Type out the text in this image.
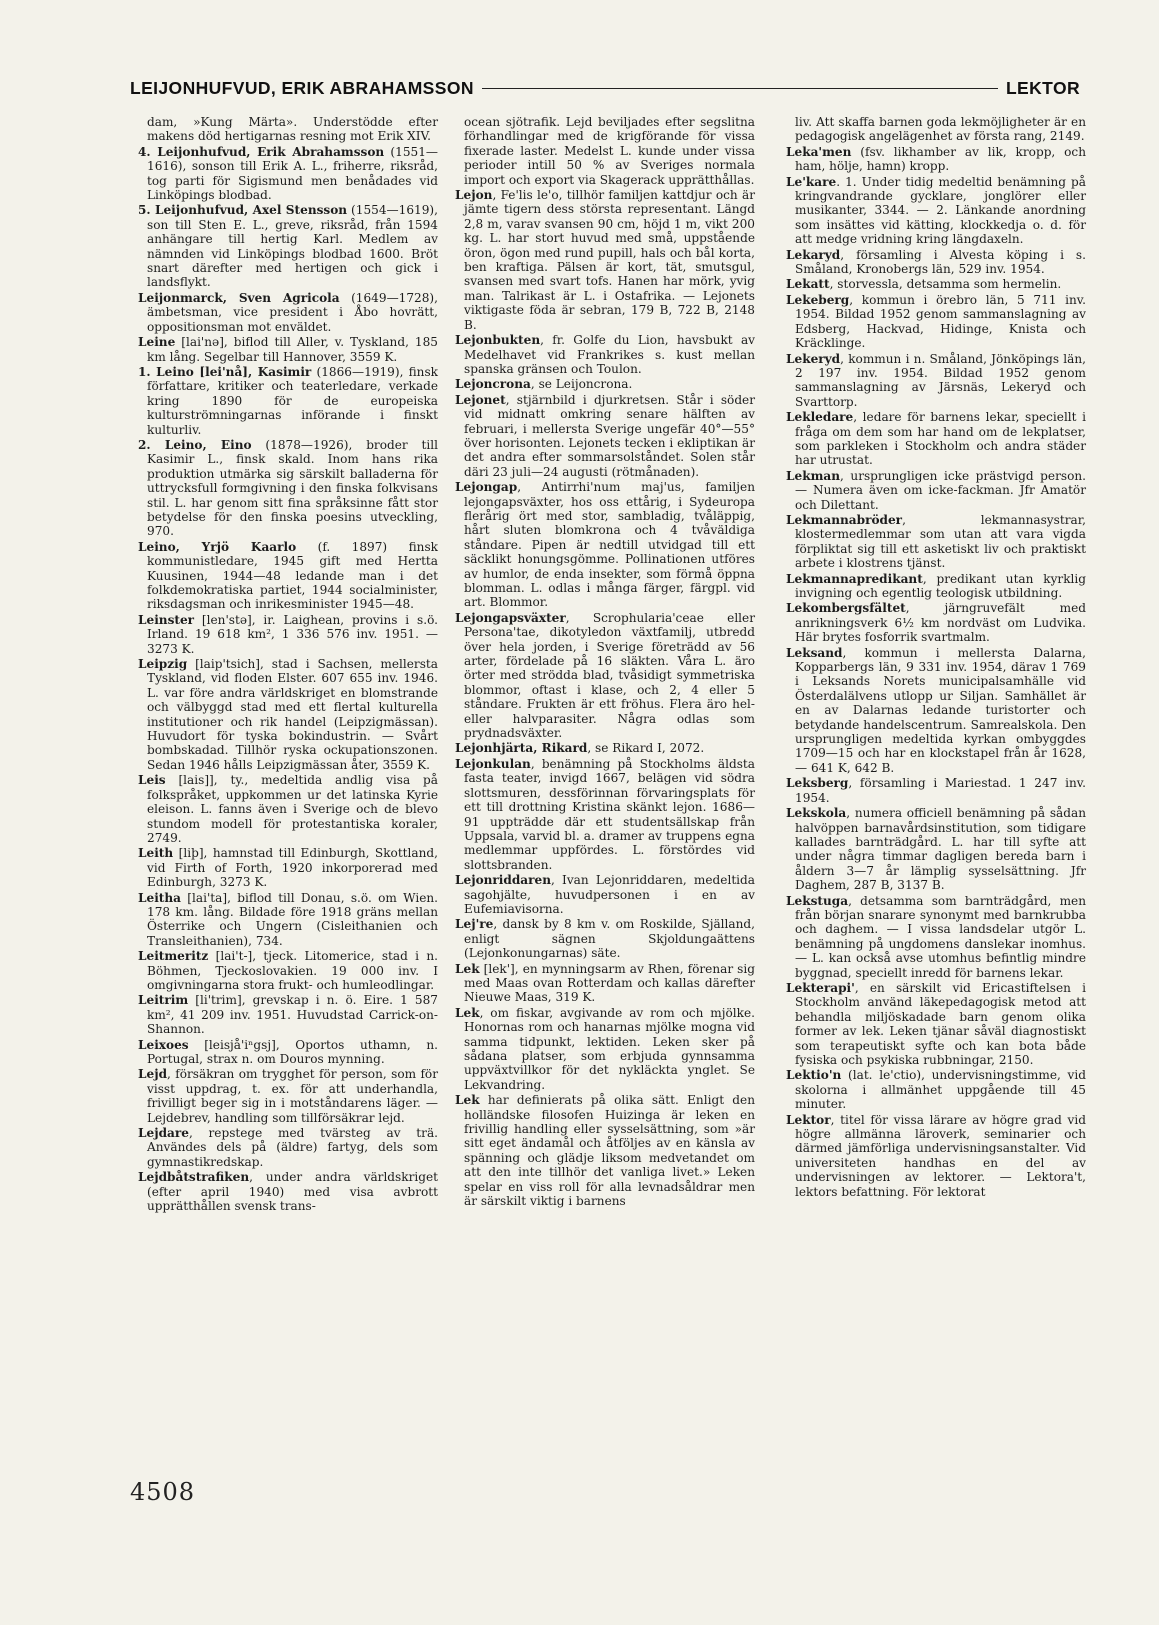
LEIJONHUFVUD, ERIK ABRAHAMSSON	LEKTOR

dam, »Kung Märta». Understödde efter makens död hertigarnas resning mot Erik XIV.

4. Leijonhufvud, Erik Abrahamsson (1551—1616), sonson till Erik A. L., friherre, riksråd, tog parti för Sigismund men benådades vid Linköpings blodbad.

5. Leijonhufvud, Axel Stensson (1554—1619), son till Sten E. L., greve, riksråd, från 1594 anhängare till hertig Karl. Medlem av nämnden vid Linköpings blodbad 1600. Bröt snart därefter med hertigen och gick i landsflykt.

Leijonmarck, Sven Agricola (1649—1728), ämbetsman, vice president i Åbo hovrätt, oppositionsman mot enväldet.

Leine [lai'nə], biflod till Aller, v. Tyskland, 185 km lång. Segelbar till Hannover, 3559 K.

1. Leino [lei'nå], Kasimir (1866—1919), finsk författare, kritiker och teaterledare, verkade kring 1890 för de europeiska kulturströmningarnas införande i finskt kulturliv.

2. Leino, Eino (1878—1926), broder till Kasimir L., finsk skald. Inom hans rika produktion utmärka sig särskilt balladerna för uttrycksfull formgivning i den finska folkvisans stil. L. har genom sitt fina språksinne fått stor betydelse för den finska poesins utveckling, 970.

Leino, Yrjö Kaarlo (f. 1897) finsk kommunistledare, 1945 gift med Hertta Kuusinen, 1944—48 ledande man i det folkdemokratiska partiet, 1944 socialminister, riksdagsman och inrikesminister 1945—48.

Leinster [len'stə], ir. Laighean, provins i s.ö. Irland. 19 618 km², 1 336 576 inv. 1951. — 3273 K.

Leipzig [laip'tsich], stad i Sachsen, mellersta Tyskland, vid floden Elster. 607 655 inv. 1946. L. var före andra världskriget en blomstrande och välbyggd stad med ett flertal kulturella institutioner och rik handel (Leipzigmässan). Huvudort för tyska bokindustrin. — Svårt bombskadad. Tillhör ryska ockupationszonen. Sedan 1946 hålls Leipzigmässan åter, 3559 K.

Leis [lais]], ty., medeltida andlig visa på folkspråket, uppkommen ur det latinska Kyrie eleison. L. fanns även i Sverige och de blevo stundom modell för protestantiska koraler, 2749.

Leith [liþ], hamnstad till Edinburgh, Skottland, vid Firth of Forth, 1920 inkorporerad med Edinburgh, 3273 K.

Leitha [lai'ta], biflod till Donau, s.ö. om Wien. 178 km. lång. Bildade före 1918 gräns mellan Österrike och Ungern (Cisleithanien och Transleithanien), 734.

Leitmeritz [lai't-], tjeck. Litomerice, stad i n. Böhmen, Tjeckoslovakien. 19 000 inv. I omgivningarna stora frukt- och humleodlingar.

Leitrim [li'trim], grevskap i n. ö. Eire. 1 587 km², 41 209 inv. 1951. Huvudstad Carrick-on-Shannon.

Leixoes [leisjå'iⁿgsj], Oportos uthamn, n. Portugal, strax n. om Douros mynning.

Lejd, försäkran om trygghet för person, som för visst uppdrag, t. ex. för att underhandla, frivilligt beger sig in i motståndarens läger. — Lejdebrev, handling som tillförsäkrar lejd.

Lejdare, repstege med tvärsteg av trä. Användes dels på (äldre) fartyg, dels som gymnastikredskap.

Lejdbåtstrafiken, under andra världskriget (efter april 1940) med visa avbrott upprätthållen svensk trans-

ocean sjötrafik. Lejd beviljades efter segslitna förhandlingar med de krigförande för vissa fixerade laster. Medelst L. kunde under vissa perioder intill 50 % av Sveriges normala import och export via Skagerack upprätthållas.

Lejon, Fe'lis le'o, tillhör familjen kattdjur och är jämte tigern dess största representant. Längd 2,8 m, varav svansen 90 cm, höjd 1 m, vikt 200 kg. L. har stort huvud med små, uppstående öron, ögon med rund pupill, hals och bål korta, ben kraftiga. Pälsen är kort, tät, smutsgul, svansen med svart tofs. Hanen har mörk, yvig man. Talrikast är L. i Ostafrika. — Lejonets viktigaste föda är sebran, 179 B, 722 B, 2148 B.

Lejonbukten, fr. Golfe du Lion, havsbukt av Medelhavet vid Frankrikes s. kust mellan spanska gränsen och Toulon.

Lejoncrona, se Leijoncrona.

Lejonet, stjärnbild i djurkretsen. Står i söder vid midnatt omkring senare hälften av februari, i mellersta Sverige ungefär 40°—55° över horisonten. Lejonets tecken i ekliptikan är det andra efter sommarsolståndet. Solen står däri 23 juli—24 augusti (rötmånaden).

Lejongap, Antirrhi'num maj'us, familjen lejongapsväxter, hos oss ettårig, i Sydeuropa flerårig ört med stor, sambladig, tvåläppig, hårt sluten blomkrona och 4 tvåväldiga ståndare. Pipen är nedtill utvidgad till ett säcklikt honungsgömme. Pollinationen utföres av humlor, de enda insekter, som förmå öppna blomman. L. odlas i många färger, färgpl. vid art. Blommor.

Lejongapsväxter, Scrophularia'ceae eller Persona'tae, dikotyledon växtfamilj, utbredd över hela jorden, i Sverige företrädd av 56 arter, fördelade på 16 släkten. Våra L. äro örter med strödda blad, tvåsidigt symmetriska blommor, oftast i klase, och 2, 4 eller 5 ståndare. Frukten är ett fröhus. Flera äro hel- eller halvparasiter. Några odlas som prydnadsväxter.

Lejonhjärta, Rikard, se Rikard I, 2072.

Lejonkulan, benämning på Stockholms äldsta fasta teater, invigd 1667, belägen vid södra slottsmuren, dessförinnan förvaringsplats för ett till drottning Kristina skänkt lejon. 1686—91 uppträdde där ett studentsällskap från Uppsala, varvid bl. a. dramer av truppens egna medlemmar uppfördes. L. förstördes vid slottsbranden.

Lejonriddaren, Ivan Lejonriddaren, medeltida sagohjälte, huvudpersonen i en av Eufemiavisorna.

Lej're, dansk by 8 km v. om Roskilde, Själland, enligt sägnen Skjoldungaättens (Lejonkonungarnas) säte.

Lek [lek'], en mynningsarm av Rhen, förenar sig med Maas ovan Rotterdam och kallas därefter Nieuwe Maas, 319 K.

Lek, om fiskar, avgivande av rom och mjölke. Honornas rom och hanarnas mjölke mogna vid samma tidpunkt, lektiden. Leken sker på sådana platser, som erbjuda gynnsamma uppväxtvillkor för det nykläckta ynglet. Se Lekvandring.

Lek har definierats på olika sätt. Enligt den holländske filosofen Huizinga är leken en frivillig handling eller sysselsättning, som »är sitt eget ändamål och åtföljes av en känsla av spänning och glädje liksom medvetandet om att den inte tillhör det vanliga livet.» Leken spelar en viss roll för alla levnadsåldrar men är särskilt viktig i barnens

liv. Att skaffa barnen goda lekmöjligheter är en pedagogisk angelägenhet av första rang, 2149.

Leka'men (fsv. likhamber av lik, kropp, och ham, hölje, hamn) kropp.

Le'kare. 1. Under tidig medeltid benämning på kringvandrande gycklare, jonglörer eller musikanter, 3344. — 2. Länkande anordning som insättes vid kätting, klockkedja o. d. för att medge vridning kring längdaxeln.

Lekaryd, församling i Alvesta köping i s. Småland, Kronobergs län, 529 inv. 1954.

Lekatt, storvessla, detsamma som hermelin.

Lekeberg, kommun i örebro län, 5 711 inv. 1954. Bildad 1952 genom sammanslagning av Edsberg, Hackvad, Hidinge, Knista och Kräcklinge.

Lekeryd, kommun i n. Småland, Jönköpings län, 2 197 inv. 1954. Bildad 1952 genom sammanslagning av Järsnäs, Lekeryd och Svarttorp.

Lekledare, ledare för barnens lekar, speciellt i fråga om dem som har hand om de lekplatser, som parkleken i Stockholm och andra städer har utrustat.

Lekman, ursprungligen icke prästvigd person. — Numera även om icke-fackman. Jfr Amatör och Dilettant.

Lekmannabröder, lekmannasystrar, klostermedlemmar som utan att vara vigda förpliktat sig till ett asketiskt liv och praktiskt arbete i klostrens tjänst.

Lekmannapredikant, predikant utan kyrklig invigning och egentlig teologisk utbildning.

Lekombergsfältet, järngruvefält med anrikningsverk 6½ km nordväst om Ludvika. Här brytes fosforrik svartmalm.

Leksand, kommun i mellersta Dalarna, Kopparbergs län, 9 331 inv. 1954, därav 1 769 i Leksands Norets municipalsamhälle vid Österdalälvens utlopp ur Siljan. Samhället är en av Dalarnas ledande turistorter och betydande handelscentrum. Samrealskola. Den ursprungligen medeltida kyrkan ombyggdes 1709—15 och har en klockstapel från år 1628, — 641 K, 642 B.

Leksberg, församling i Mariestad. 1 247 inv. 1954.

Lekskola, numera officiell benämning på sådan halvöppen barnavårdsinstitution, som tidigare kallades barnträdgård. L. har till syfte att under några timmar dagligen bereda barn i åldern 3—7 år lämplig sysselsättning. Jfr Daghem, 287 B, 3137 B.

Lekstuga, detsamma som barnträdgård, men från början snarare synonymt med barnkrubba och daghem. — I vissa landsdelar utgör L. benämning på ungdomens danslekar inomhus. — L. kan också avse utomhus befintlig mindre byggnad, speciellt inredd för barnens lekar.

Lekterapi', en särskilt vid Ericastiftelsen i Stockholm använd läkepedagogisk metod att behandla miljöskadade barn genom olika former av lek. Leken tjänar såväl diagnostiskt som terapeutiskt syfte och kan bota både fysiska och psykiska rubbningar, 2150.

Lektio'n (lat. le'ctio), undervisningstimme, vid skolorna i allmänhet uppgående till 45 minuter.

Lektor, titel för vissa lärare av högre grad vid högre allmänna läroverk, seminarier och därmed jämförliga undervisningsanstalter. Vid universiteten handhas en del av undervisningen av lektorer. — Lektora't, lektors befattning. För lektorat

4508
